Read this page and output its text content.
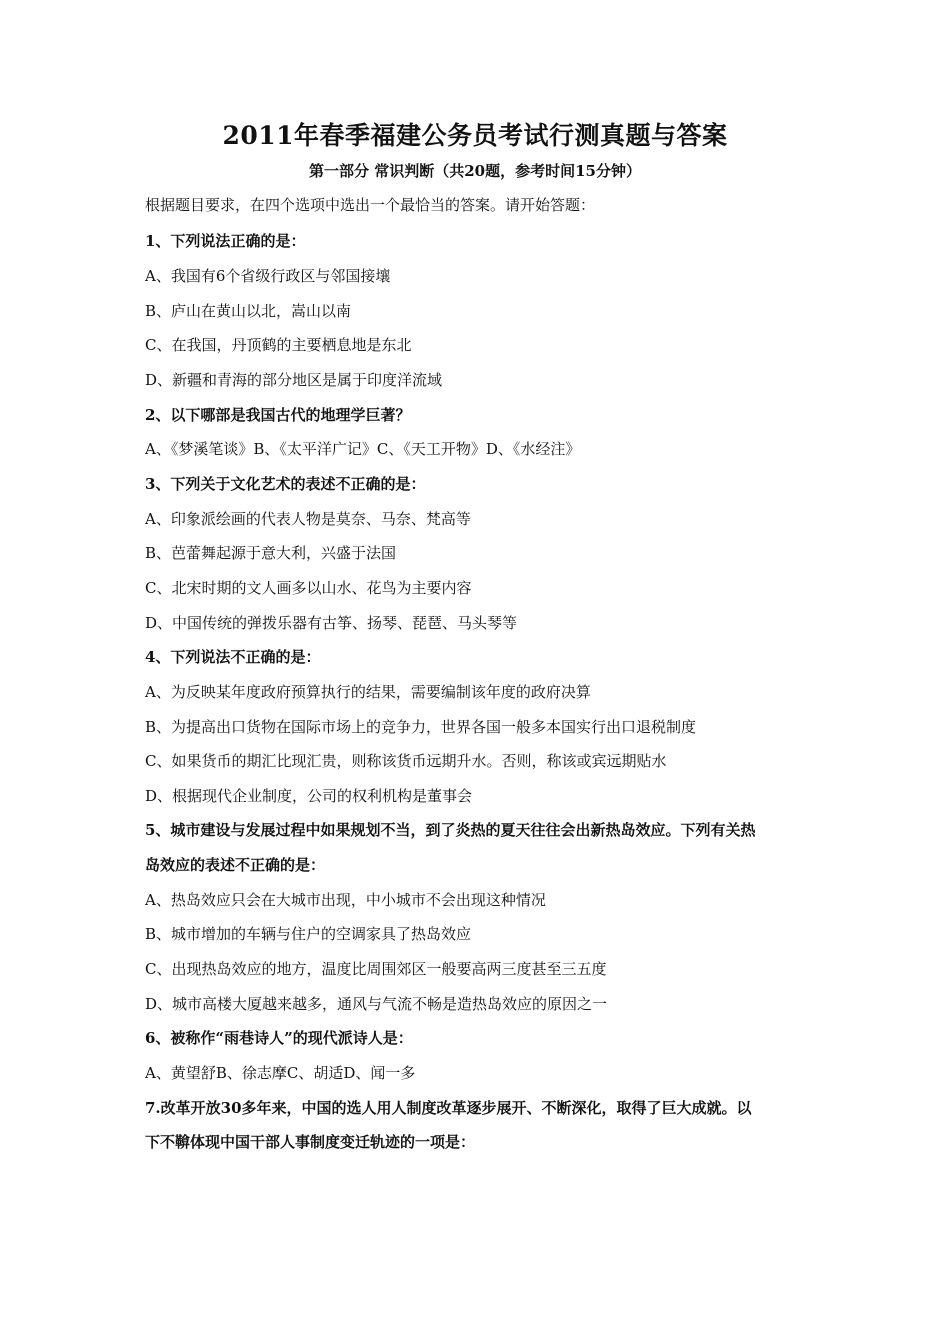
2011年春季福建公务员考试行测真题与答案
第一部分 常识判断（共20题，参考时间15分钟）
根据题目要求，在四个选项中选出一个最恰当的答案。请开始答题：
1、下列说法正确的是：
A、我国有6个省级行政区与邻国接壤
B、庐山在黄山以北，嵩山以南
C、在我国，丹顶鹤的主要栖息地是东北
D、新疆和青海的部分地区是属于印度洋流域
2、以下哪部是我国古代的地理学巨著？
A、《梦溪笔谈》B、《太平洋广记》C、《天工开物》D、《水经注》
3、下列关于文化艺术的表述不正确的是：
A、印象派绘画的代表人物是莫奈、马奈、梵高等
B、芭蕾舞起源于意大利，兴盛于法国
C、北宋时期的文人画多以山水、花鸟为主要内容
D、中国传统的弹拨乐器有古筝、扬琴、琵琶、马头琴等
4、下列说法不正确的是：
A、为反映某年度政府预算执行的结果，需要编制该年度的政府决算
B、为提高出口货物在国际市场上的竞争力，世界各国一般多本国实行出口退税制度
C、如果货币的期汇比现汇贵，则称该货币远期升水。否则，称该或宾远期贴水
D、根据现代企业制度，公司的权利机构是董事会
5、城市建设与发展过程中如果规划不当，到了炎热的夏天往往会出新热岛效应。下列有关热
岛效应的表述不正确的是：
A、热岛效应只会在大城市出现，中小城市不会出现这种情况
B、城市增加的车辆与住户的空调家具了热岛效应
C、出现热岛效应的地方，温度比周围郊区一般要高两三度甚至三五度
D、城市高楼大厦越来越多，通风与气流不畅是造热岛效应的原因之一
6、被称作“雨巷诗人”的现代派诗人是：
A、黄望舒B、徐志摩C、胡适D、闻一多
7.改革开放30多年来，中国的选人用人制度改革逐步展开、不断深化，取得了巨大成就。以
下不鞥体现中国干部人事制度变迁轨迹的一项是：
